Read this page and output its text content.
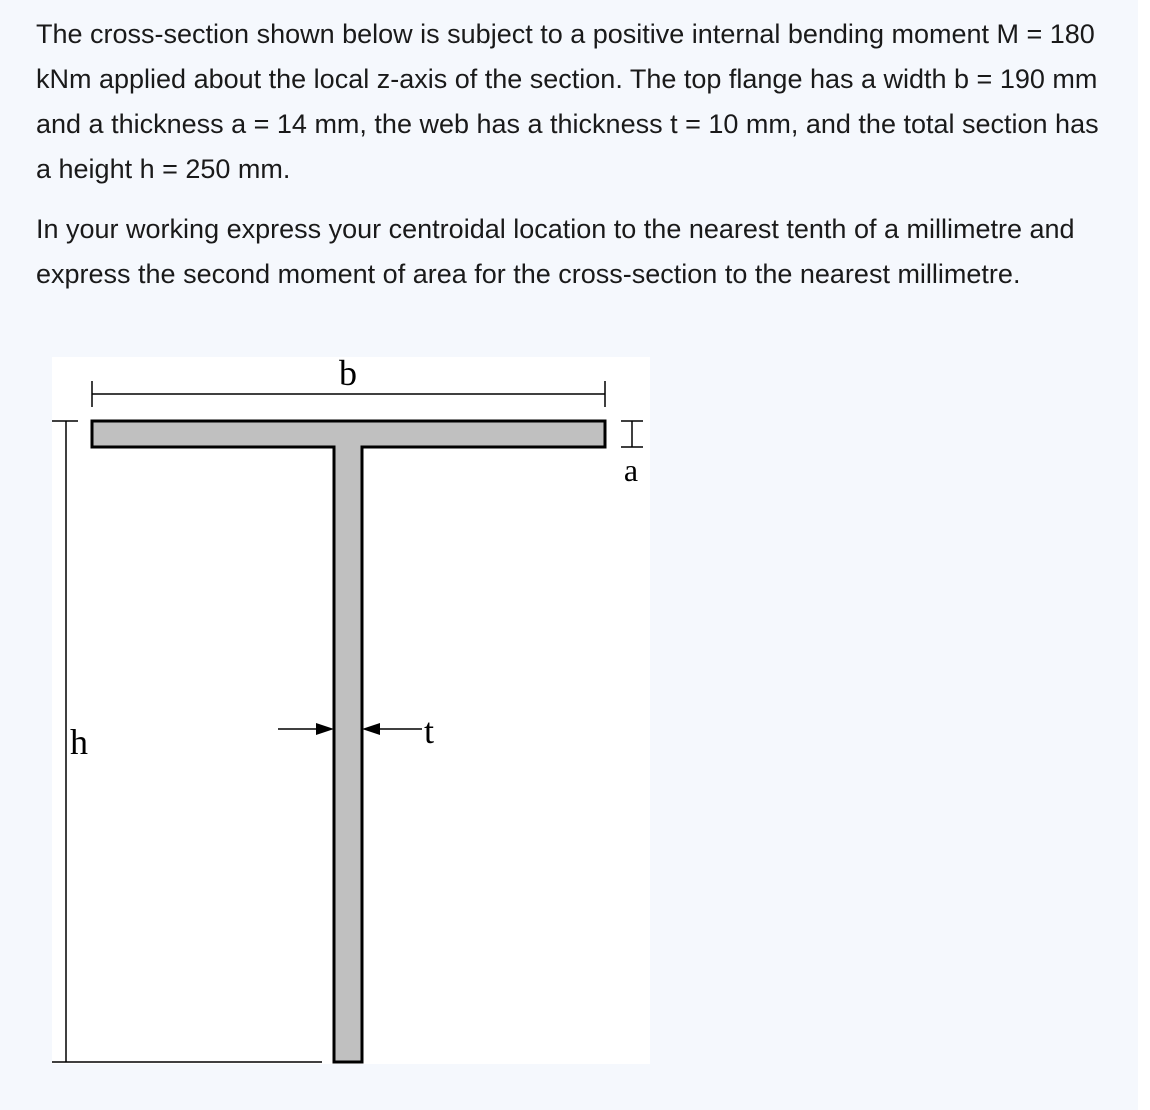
The cross-section shown below is subject to a positive internal bending moment M = 180 kNm applied about the local z-axis of the section. The top flange has a width b = 190 mm and a thickness a = 14 mm, the web has a thickness t = 10 mm, and the total section has a height h = 250 mm.

In your working express your centroidal location to the nearest tenth of a millimetre and express the second moment of area for the cross-section to the nearest millimetre.

b
a
h	t
